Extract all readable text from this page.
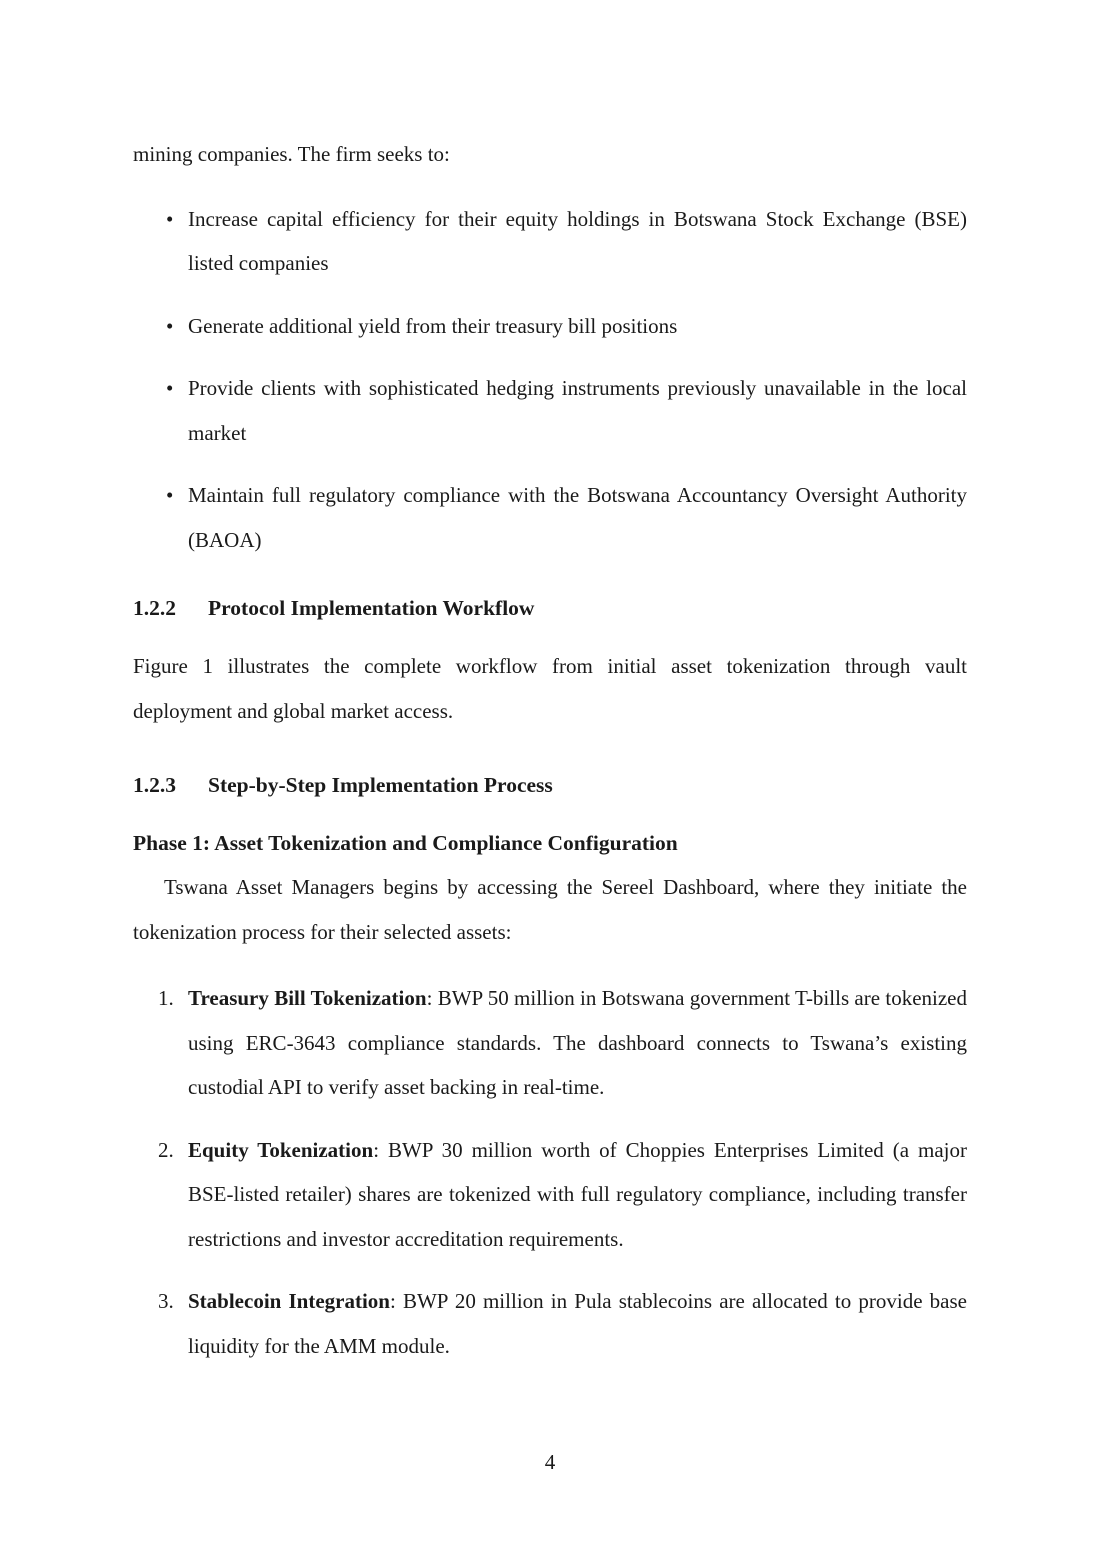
mining companies. The firm seeks to:

• Increase capital efficiency for their equity holdings in Botswana Stock Exchange (BSE) listed companies
• Generate additional yield from their treasury bill positions
• Provide clients with sophisticated hedging instruments previously unavailable in the local market
• Maintain full regulatory compliance with the Botswana Accountancy Oversight Authority (BAOA)
1.2.2 Protocol Implementation Workflow

Figure 1 illustrates the complete workflow from initial asset tokenization through vault deployment and global market access.

1.2.3 Step-by-Step Implementation Process
Phase 1: Asset Tokenization and Compliance Configuration

Tswana Asset Managers begins by accessing the Sereel Dashboard, where they initiate the tokenization process for their selected assets:

1. Treasury Bill Tokenization: BWP 50 million in Botswana government T-bills are tokenized using ERC-3643 compliance standards. The dashboard connects to Tswana’s existing custodial API to verify asset backing in real-time.
2. Equity Tokenization: BWP 30 million worth of Choppies Enterprises Limited (a major BSE-listed retailer) shares are tokenized with full regulatory compliance, including transfer restrictions and investor accreditation requirements.
3. Stablecoin Integration: BWP 20 million in Pula stablecoins are allocated to provide base liquidity for the AMM module.
4
